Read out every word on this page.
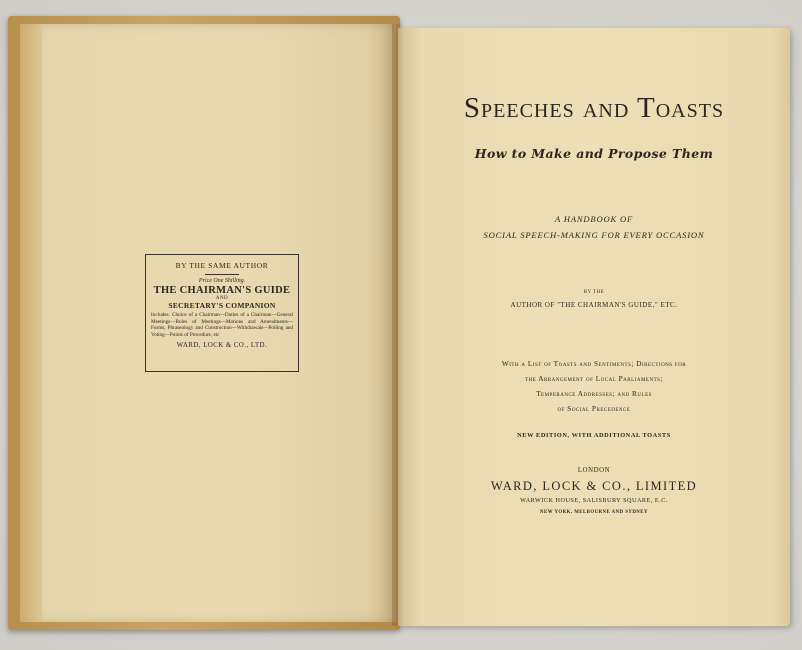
BY THE SAME AUTHOR
Price One Shilling.
THE CHAIRMAN'S GUIDE
AND
SECRETARY'S COMPANION
Includes: Choice of a Chairman—Duties of a Chairman—General Meetings—Rules of Meetings—Motions and Amendments—Forms, Phraseology and Construction—Withdrawals—Polling and Voting—Points of Procedure, etc
WARD, LOCK & CO., LTD.
Speeches and Toasts
How to Make and Propose Them
A HANDBOOK OF
SOCIAL SPEECH-MAKING FOR EVERY OCCASION
BY THE
AUTHOR OF "THE CHAIRMAN'S GUIDE," ETC.
With a List of Toasts and Sentiments; Directions for
the Arrangement of Local Parliaments;
Temperance Addresses; and Rules
of Social Precedence
NEW EDITION, WITH ADDITIONAL TOASTS
LONDON
WARD, LOCK & CO., LIMITED
WARWICK HOUSE, SALISBURY SQUARE, E.C.
NEW YORK, MELBOURNE AND SYDNEY
